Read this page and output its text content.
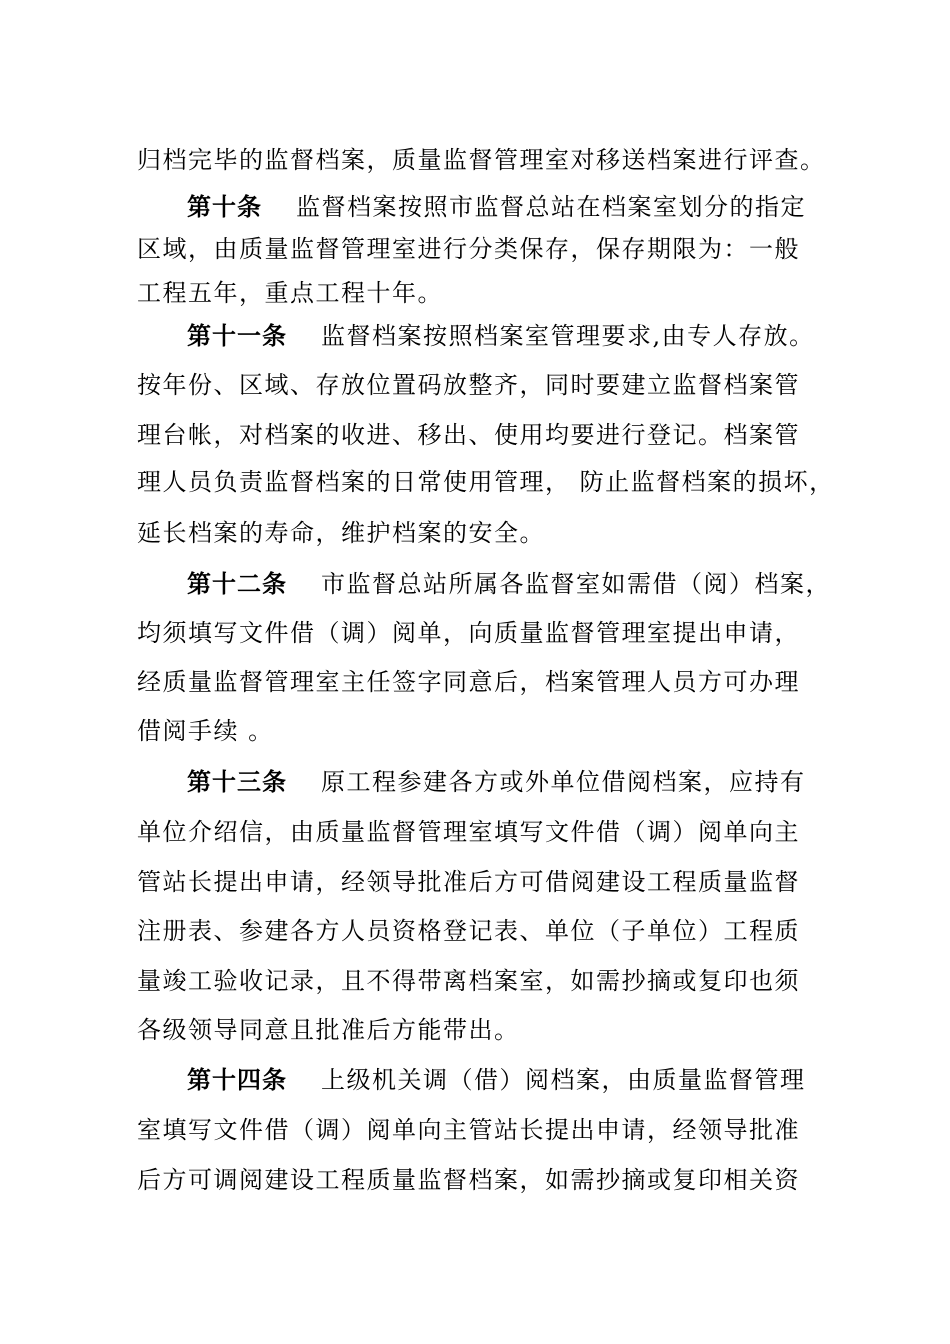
归档完毕的监督档案，质量监督管理室对移送档案进行评查。
第十条 监督档案按照市监督总站在档案室划分的指定
区域，由质量监督管理室进行分类保存，保存期限为：一般
工程五年，重点工程十年。
第十一条 监督档案按照档案室管理要求,由专人存放。
按年份、区域、存放位置码放整齐，同时要建立监督档案管
理台帐，对档案的收进、移出、使用均要进行登记。档案管
理人员负责监督档案的日常使用管理， 防止监督档案的损坏，
延长档案的寿命，维护档案的安全。
第十二条 市监督总站所属各监督室如需借（阅）档案，
均须填写文件借（调）阅单，向质量监督管理室提出申请，
经质量监督管理室主任签字同意后，档案管理人员方可办理
借阅手续 。
第十三条 原工程参建各方或外单位借阅档案，应持有
单位介绍信，由质量监督管理室填写文件借（调）阅单向主
管站长提出申请，经领导批准后方可借阅建设工程质量监督
注册表、参建各方人员资格登记表、单位（子单位）工程质
量竣工验收记录，且不得带离档案室，如需抄摘或复印也须
各级领导同意且批准后方能带出。
第十四条 上级机关调（借）阅档案，由质量监督管理
室填写文件借（调）阅单向主管站长提出申请，经领导批准
后方可调阅建设工程质量监督档案，如需抄摘或复印相关资
